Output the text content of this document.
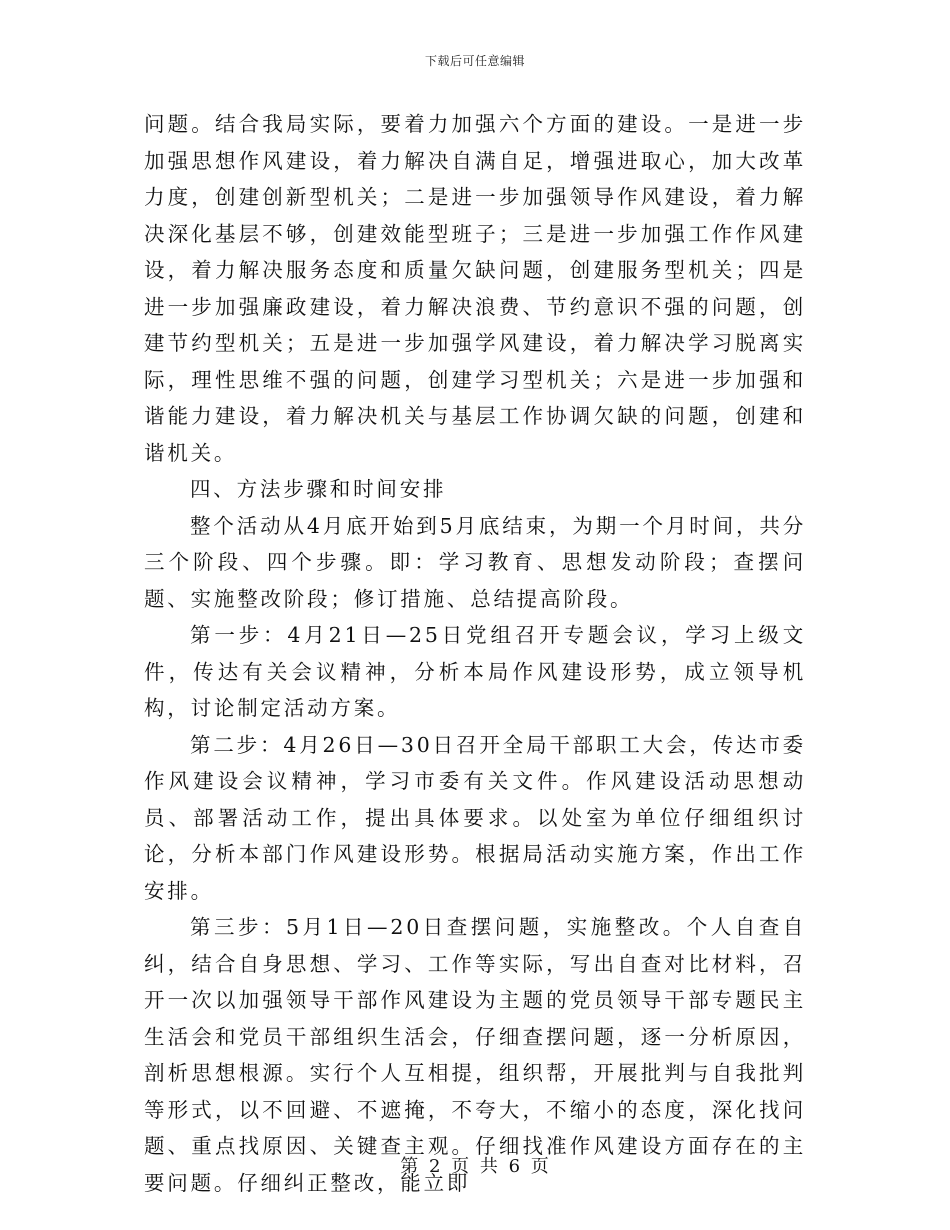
下载后可任意编辑

问题。结合我局实际，要着力加强六个方面的建设。一是进一步加强思想作风建设，着力解决自满自足，增强进取心，加大改革力度，创建创新型机关；二是进一步加强领导作风建设，着力解决深化基层不够，创建效能型班子；三是进一步加强工作作风建设，着力解决服务态度和质量欠缺问题，创建服务型机关；四是进一步加强廉政建设，着力解决浪费、节约意识不强的问题，创建节约型机关；五是进一步加强学风建设，着力解决学习脱离实际，理性思维不强的问题，创建学习型机关；六是进一步加强和谐能力建设，着力解决机关与基层工作协调欠缺的问题，创建和谐机关。

四、方法步骤和时间安排

整个活动从4月底开始到5月底结束，为期一个月时间，共分三个阶段、四个步骤。即：学习教育、思想发动阶段；查摆问题、实施整改阶段；修订措施、总结提高阶段。

第一步：4月21日—25日党组召开专题会议，学习上级文件，传达有关会议精神，分析本局作风建设形势，成立领导机构，讨论制定活动方案。

第二步：4月26日—30日召开全局干部职工大会，传达市委作风建设会议精神，学习市委有关文件。作风建设活动思想动员、部署活动工作，提出具体要求。以处室为单位仔细组织讨论，分析本部门作风建设形势。根据局活动实施方案，作出工作安排。

第三步：5月1日—20日查摆问题，实施整改。个人自查自纠，结合自身思想、学习、工作等实际，写出自查对比材料，召开一次以加强领导干部作风建设为主题的党员领导干部专题民主生活会和党员干部组织生活会，仔细查摆问题，逐一分析原因，剖析思想根源。实行个人互相提，组织帮，开展批判与自我批判等形式，以不回避、不遮掩，不夸大，不缩小的态度，深化找问题、重点找原因、关键查主观。仔细找准作风建设方面存在的主要问题。仔细纠正整改，能立即

第 2 页 共 6 页
